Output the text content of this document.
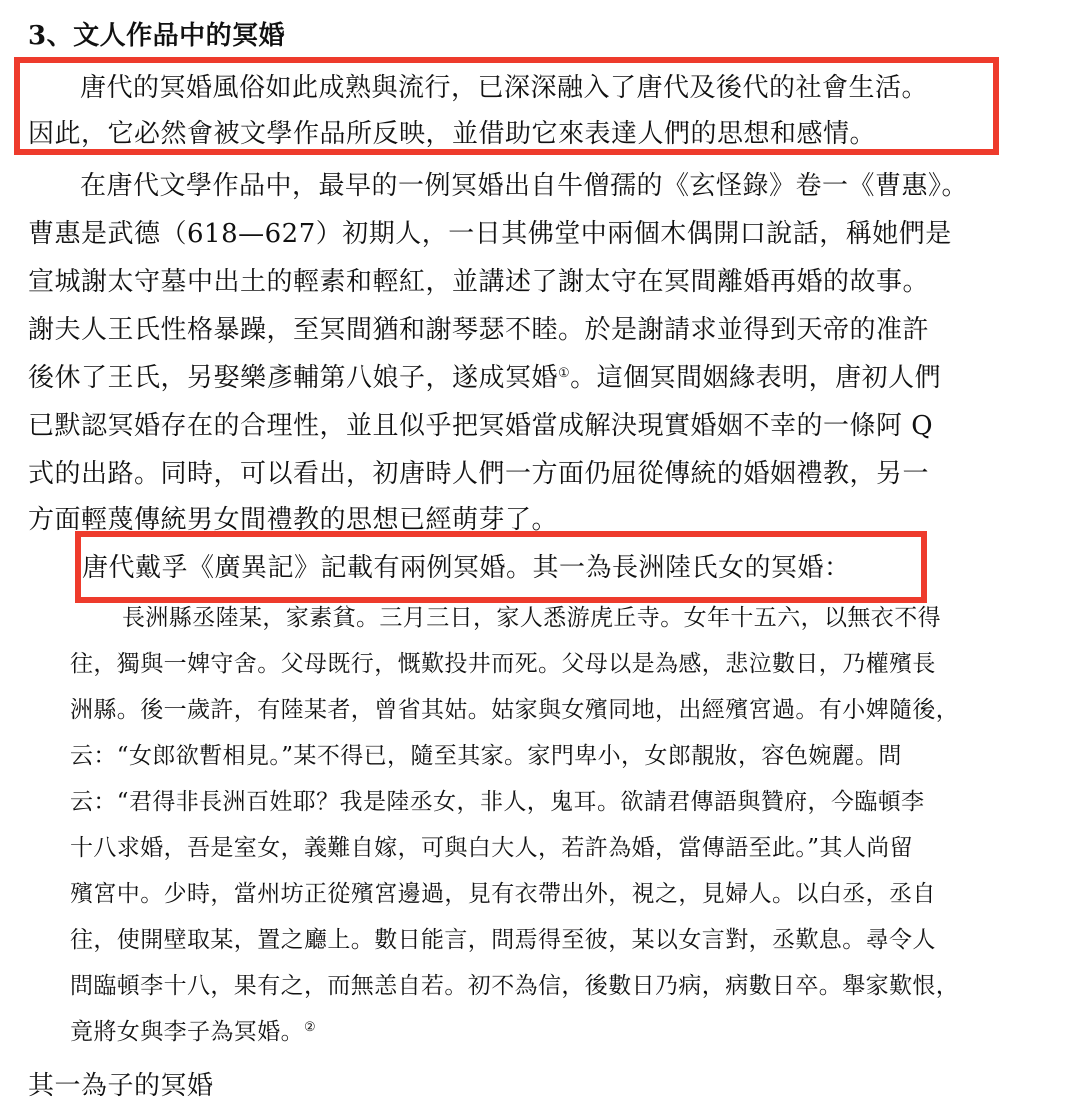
3、文人作品中的冥婚
唐代的冥婚風俗如此成熟與流行，已深深融入了唐代及後代的社會生活。
因此，它必然會被文學作品所反映，並借助它來表達人們的思想和感情。
在唐代文學作品中，最早的一例冥婚出自牛僧孺的《玄怪錄》卷一《曹惠》。
曹惠是武德（618—627）初期人，一日其佛堂中兩個木偶開口說話，稱她們是
宣城謝太守墓中出土的輕素和輕紅，並講述了謝太守在冥間離婚再婚的故事。
謝夫人王氏性格暴躁，至冥間猶和謝琴瑟不睦。於是謝請求並得到天帝的准許
後休了王氏，另娶樂彥輔第八娘子，遂成冥婚①。這個冥間姻緣表明，唐初人們
已默認冥婚存在的合理性，並且似乎把冥婚當成解決現實婚姻不幸的一條阿 Q
式的出路。同時，可以看出，初唐時人們一方面仍屈從傳統的婚姻禮教，另一
方面輕蔑傳統男女間禮教的思想已經萌芽了。
唐代戴孚《廣異記》記載有兩例冥婚。其一為長洲陸氏女的冥婚：
長洲縣丞陸某，家素貧。三月三日，家人悉游虎丘寺。女年十五六，以無衣不得
往，獨與一婢守舍。父母既行，慨歎投井而死。父母以是為感，悲泣數日，乃權殯長
洲縣。後一歲許，有陸某者，曾省其姑。姑家與女殯同地，出經殯宮過。有小婢隨後，
云：“女郎欲暫相見。”某不得已，隨至其家。家門卑小，女郎靚妝，容色婉麗。問
云：“君得非長洲百姓耶？我是陸丞女，非人，鬼耳。欲請君傳語與贊府，今臨頓李
十八求婚，吾是室女，義難自嫁，可與白大人，若許為婚，當傳語至此。”其人尚留
殯宮中。少時，當州坊正從殯宮邊過，見有衣帶出外，視之，見婦人。以白丞，丞自
往，使開壁取某，置之廳上。數日能言，問焉得至彼，某以女言對，丞歎息。尋令人
問臨頓李十八，果有之，而無恙自若。初不為信，後數日乃病，病數日卒。舉家歎恨，
竟將女與李子為冥婚。②
其一為子的冥婚
